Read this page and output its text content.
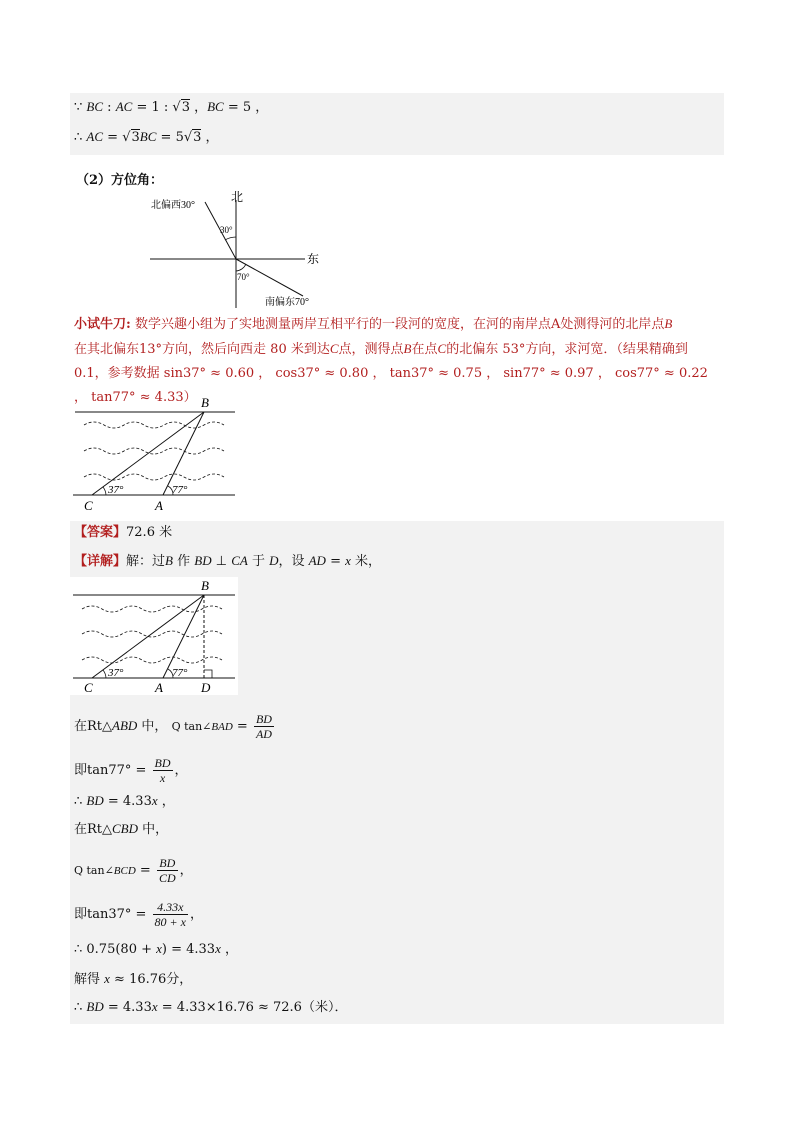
∵ BC : AC = 1 : √3 ，BC = 5 ，
∴ AC = √3BC = 5√3 ，
（2）方位角：
北
东
北偏西30°
南偏东70°
30°
70°
小试牛刀: 数学兴趣小组为了实地测量两岸互相平行的一段河的宽度，在河的南岸点A处测得河的北岸点B
在其北偏东13°方向，然后向西走 80 米到达C点，测得点B在点C的北偏东 53°方向，求河宽．（结果精确到 0.1，参考数据 sin37° ≈ 0.60 ， cos37° ≈ 0.80 ， tan37° ≈ 0.75 ， sin77° ≈ 0.97 ， cos77° ≈ 0.22 ， tan77° ≈ 4.33） B
C	A
37°	77°
【答案】72.6 米
【详解】解：过B 作 BD ⊥ CA 于 D，设 AD = x 米，
B
C	A	D
37°	77°
在Rt△ABD 中， Q tan∠BAD = $\frac{BD}{AD}$
即$\tan 77^\circ = \frac{BD}{x}$ ，
∴ BD = 4.33x ，
在Rt△CBD 中，
Q tan∠BCD = $\frac{BD}{CD}$ ，
即$\tan 37^\circ = \frac{4.33x}{80 + x}$ ，
∴ 0.75(80 + x) = 4.33x ，
解得 x ≈ 16.76分，
∴ BD = 4.33x = 4.33×16.76 ≈ 72.6（米）．
